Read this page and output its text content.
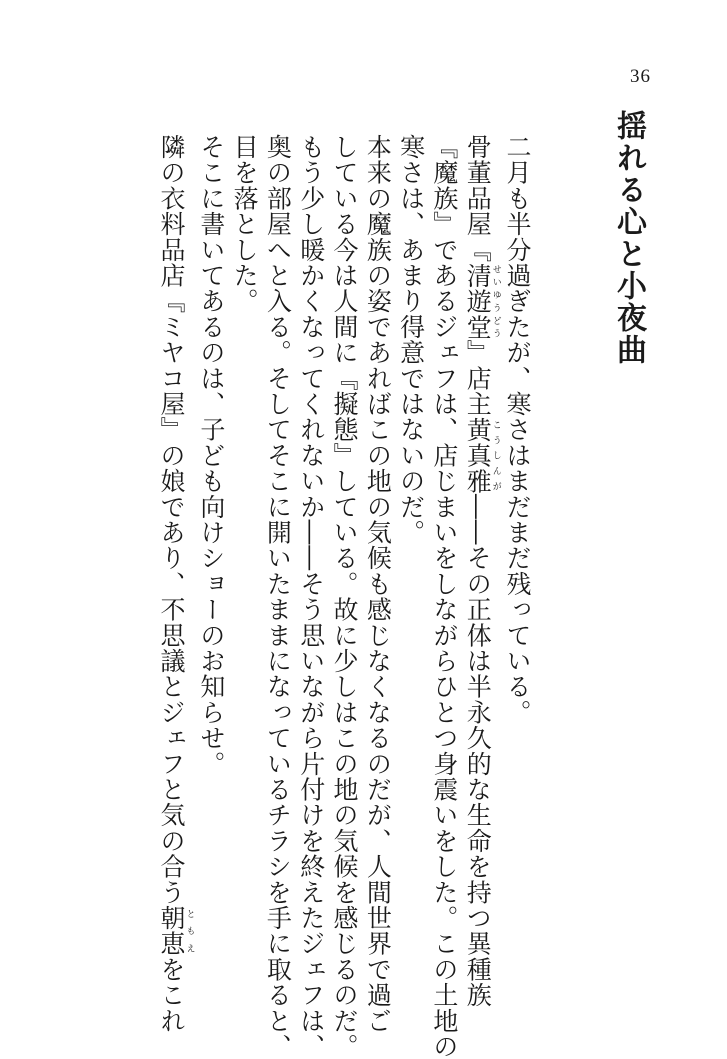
36
揺れる心と小夜曲

二月も半分過ぎたが、寒さはまだまだ残っている。

骨董品屋『清遊堂せいゆうどう』店主黄真雅こうしんが――その正体は半永久的な生命を持つ異種族

『魔族』であるジェフは、店じまいをしながらひとつ身震いをした。この土地の

寒さは、あまり得意ではないのだ。

本来の魔族の姿であればこの地の気候も感じなくなるのだが、人間世界で過ご

している今は人間に『擬態』している。故に少しはこの地の気候を感じるのだ。

もう少し暖かくなってくれないか――そう思いながら片付けを終えたジェフは、

奥の部屋へと入る。そしてそこに開いたままになっているチラシを手に取ると、

目を落とした。

そこに書いてあるのは、子ども向けショーのお知らせ。

隣の衣料品店『ミヤコ屋』の娘であり、不思議とジェフと気の合う朝恵ともえをこれ
